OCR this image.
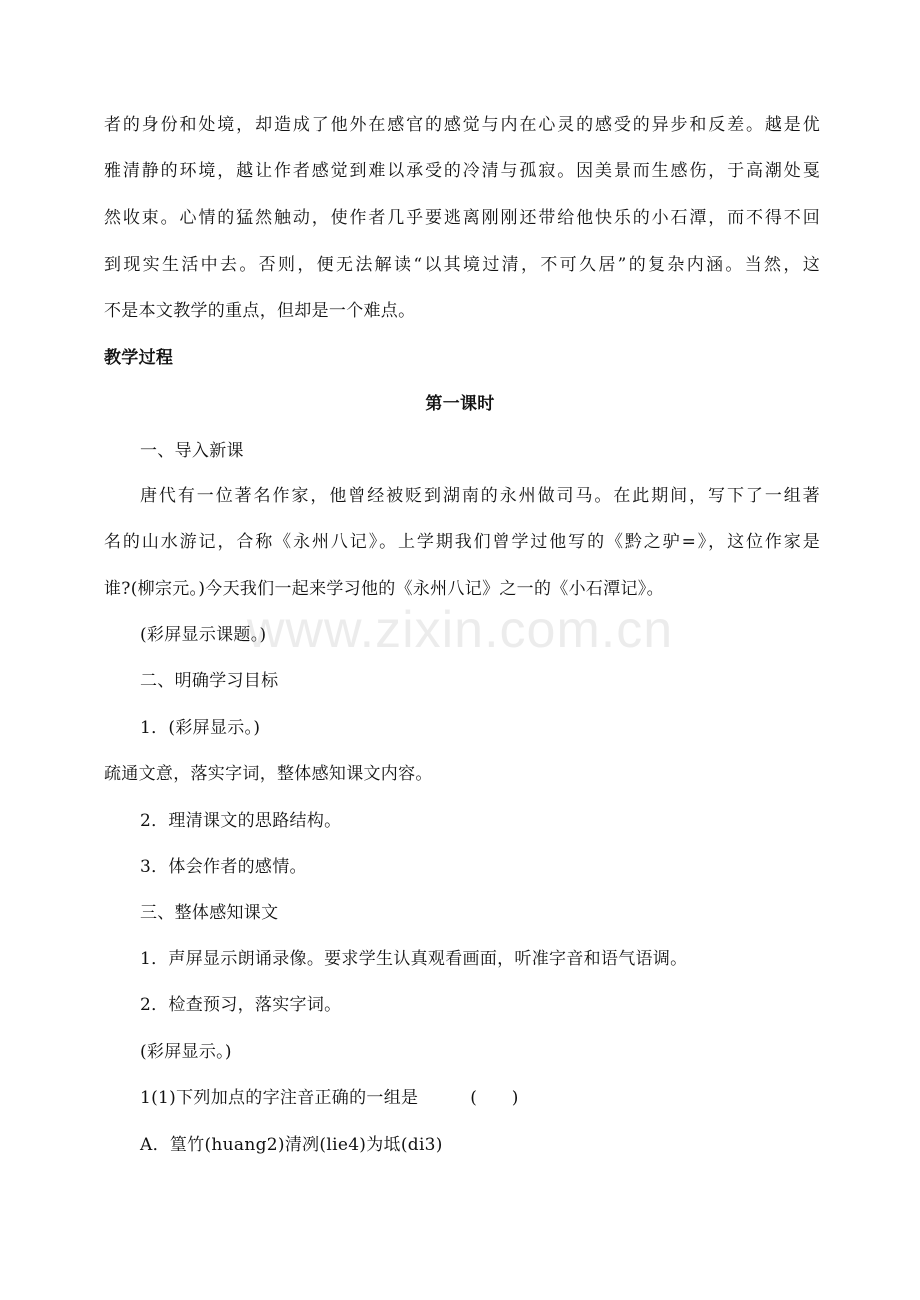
者的身份和处境，却造成了他外在感官的感觉与内在心灵的感受的异步和反差。越是优
雅清静的环境，越让作者感觉到难以承受的冷清与孤寂。因美景而生感伤，于高潮处戛
然收束。心情的猛然触动，使作者几乎要逃离刚刚还带给他快乐的小石潭，而不得不回
到现实生活中去。否则，便无法解读“以其境过清，不可久居”的复杂内涵。当然，这
不是本文教学的重点，但却是一个难点。
教学过程
第一课时
一、导入新课
唐代有一位著名作家，他曾经被贬到湖南的永州做司马。在此期间，写下了一组著
名的山水游记，合称《永州八记》。上学期我们曾学过他写的《黔之驴=》，这位作家是
谁?(柳宗元。)今天我们一起来学习他的《永州八记》之一的《小石潭记》。
(彩屏显示课题。)
二、明确学习目标
1．(彩屏显示。)
疏通文意，落实字词，整体感知课文内容。
2．理清课文的思路结构。
3．体会作者的感情。
三、整体感知课文
1．声屏显示朗诵录像。要求学生认真观看画面，听准字音和语气语调。
2．检查预习，落实字词。
(彩屏显示。)
1(1)下列加点的字注音正确的一组是　　　(　　)
A．篁竹(huang2)清冽(lie4)为坻(di3)
www.zixin.com.cn
